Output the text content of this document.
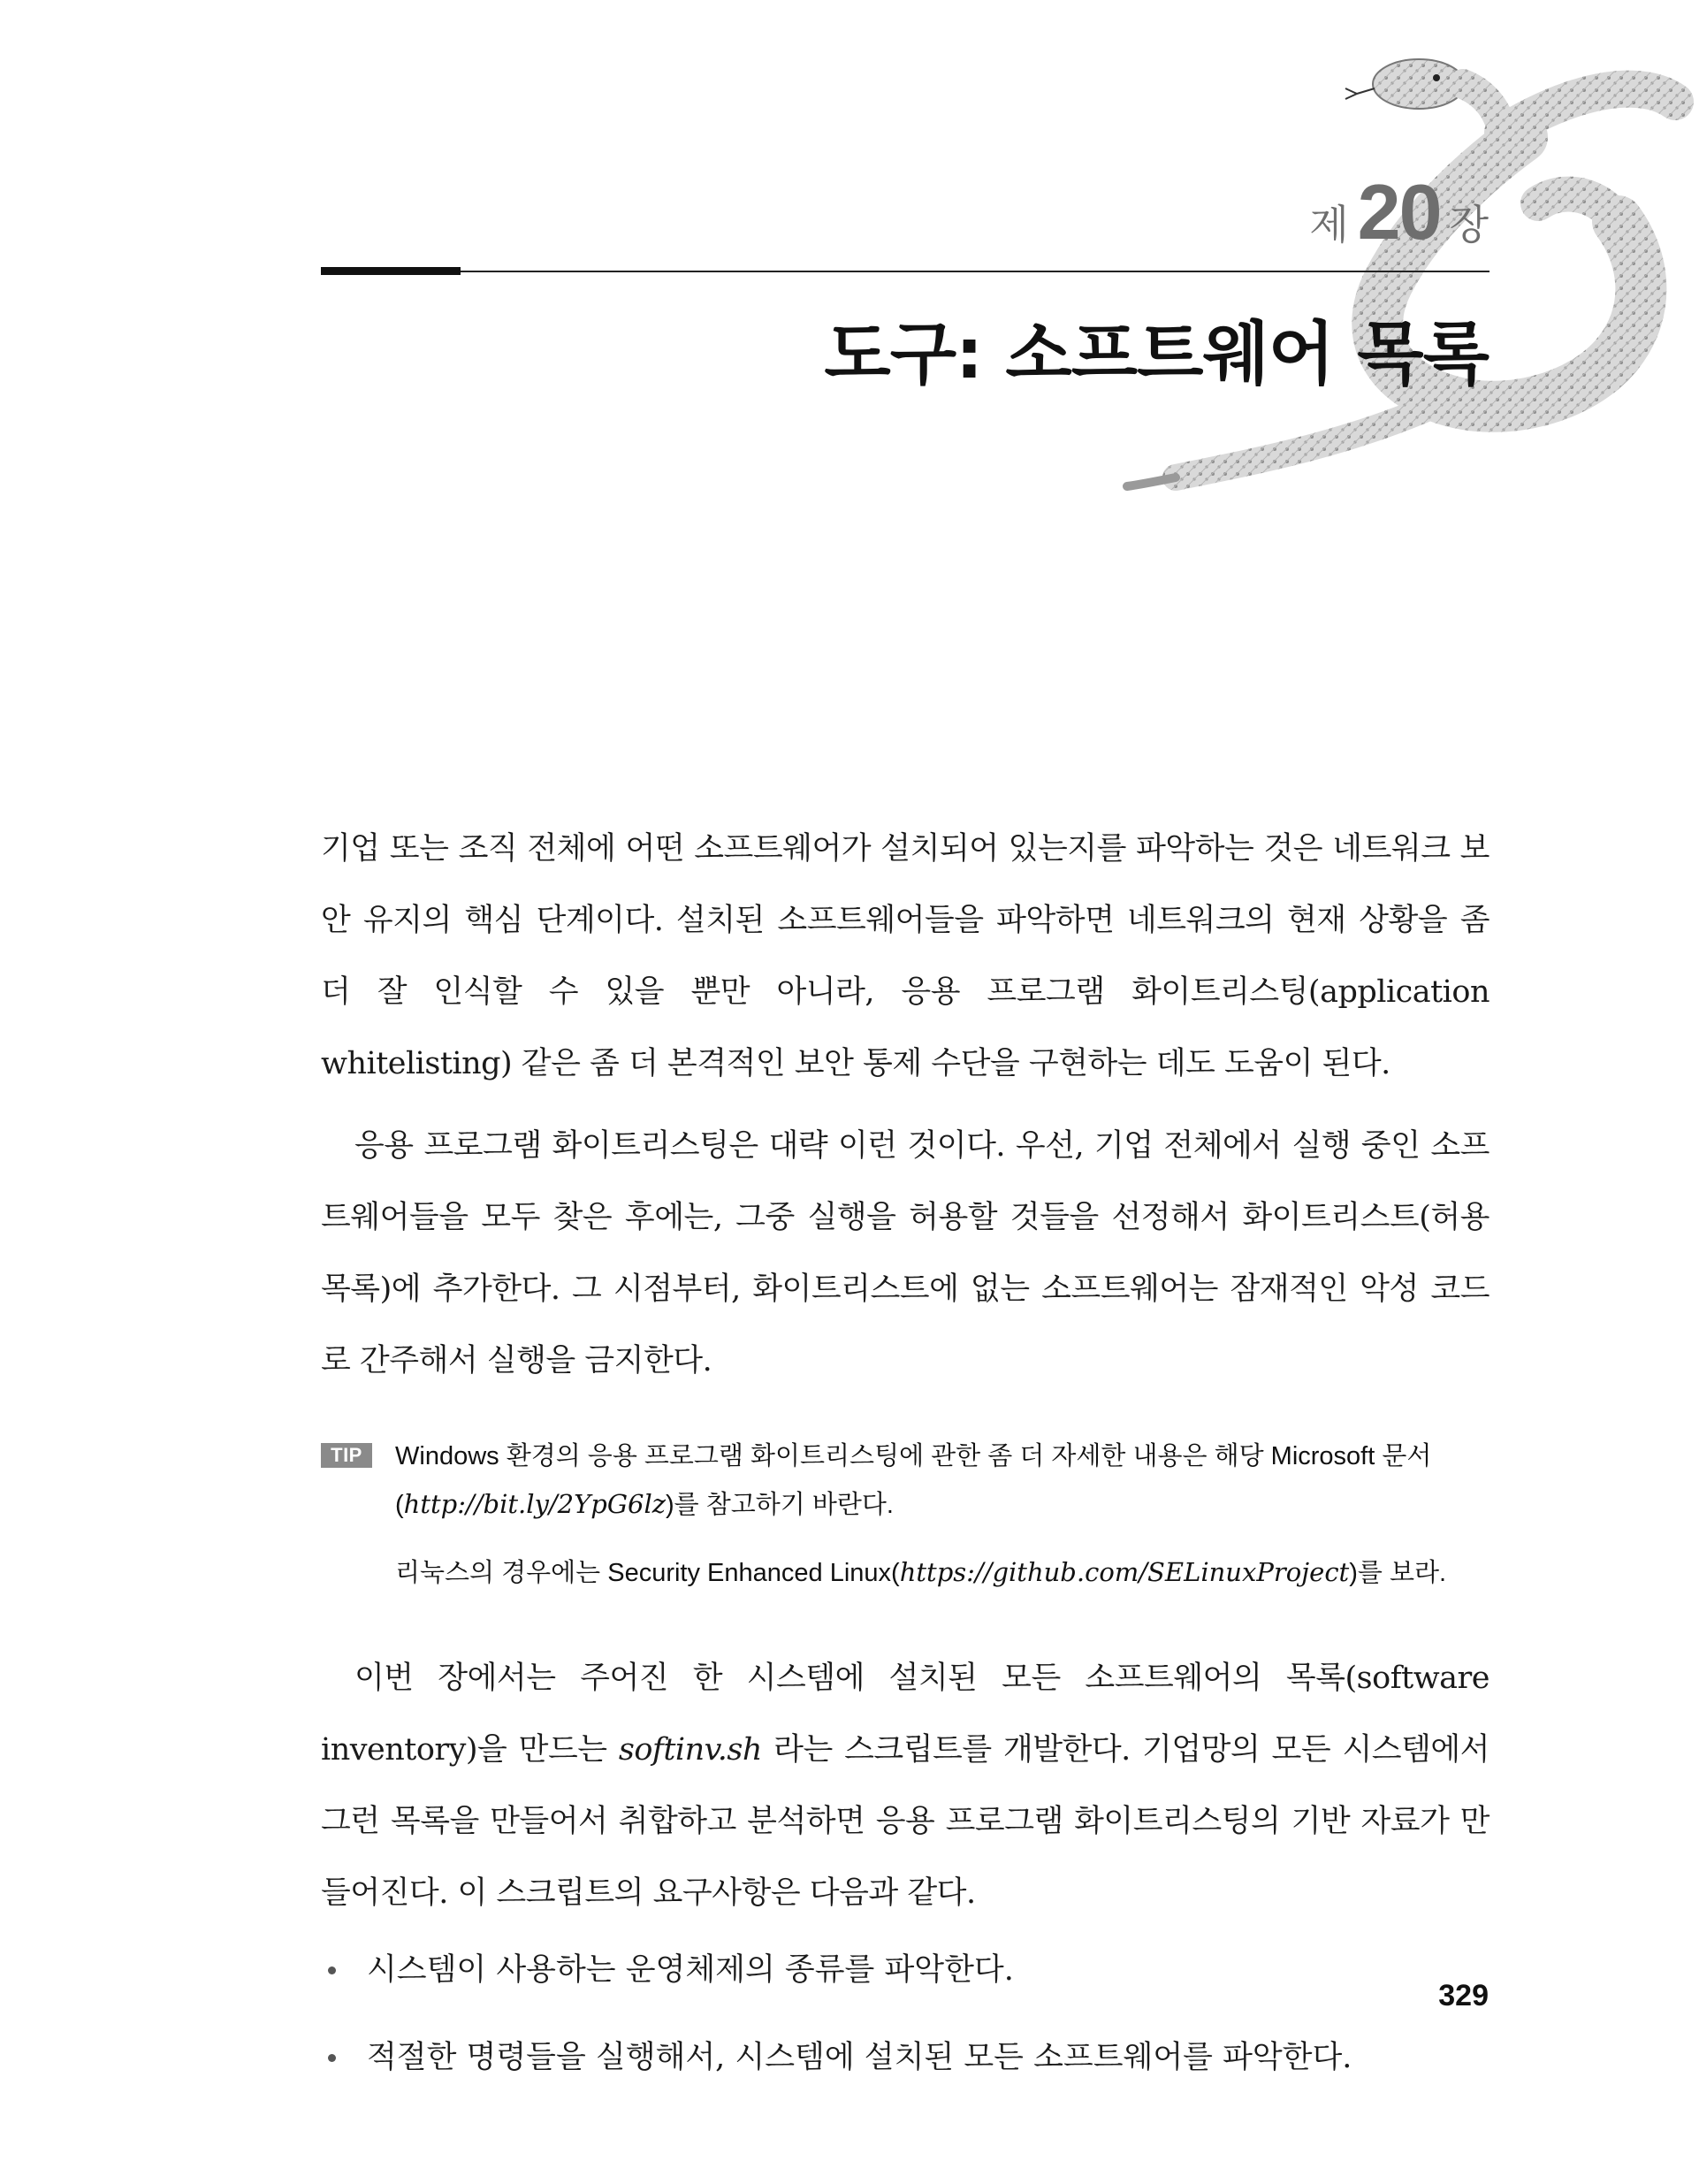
제 20 장
도구: 소프트웨어 목록

기업 또는 조직 전체에 어떤 소프트웨어가 설치되어 있는지를 파악하는 것은 네트워크 보안 유지의 핵심 단계이다. 설치된 소프트웨어들을 파악하면 네트워크의 현재 상황을 좀 더 잘 인식할 수 있을 뿐만 아니라, 응용 프로그램 화이트리스팅(application whitelisting) 같은 좀 더 본격적인 보안 통제 수단을 구현하는 데도 도움이 된다.

응용 프로그램 화이트리스팅은 대략 이런 것이다. 우선, 기업 전체에서 실행 중인 소프트웨어들을 모두 찾은 후에는, 그중 실행을 허용할 것들을 선정해서 화이트리스트(허용 목록)에 추가한다. 그 시점부터, 화이트리스트에 없는 소프트웨어는 잠재적인 악성 코드로 간주해서 실행을 금지한다.

TIP	Windows 환경의 응용 프로그램 화이트리스팅에 관한 좀 더 자세한 내용은 해당 Microsoft 문서(http://bit.ly/2YpG6lz)를 참고하기 바란다.
리눅스의 경우에는 Security Enhanced Linux(https://github.com/SELinuxProject)를 보라.

이번 장에서는 주어진 한 시스템에 설치된 모든 소프트웨어의 목록(software inventory)을 만드는 softinv.sh 라는 스크립트를 개발한다. 기업망의 모든 시스템에서 그런 목록을 만들어서 취합하고 분석하면 응용 프로그램 화이트리스팅의 기반 자료가 만들어진다. 이 스크립트의 요구사항은 다음과 같다.

시스템이 사용하는 운영체제의 종류를 파악한다.
적절한 명령들을 실행해서, 시스템에 설치된 모든 소프트웨어를 파악한다.
329
